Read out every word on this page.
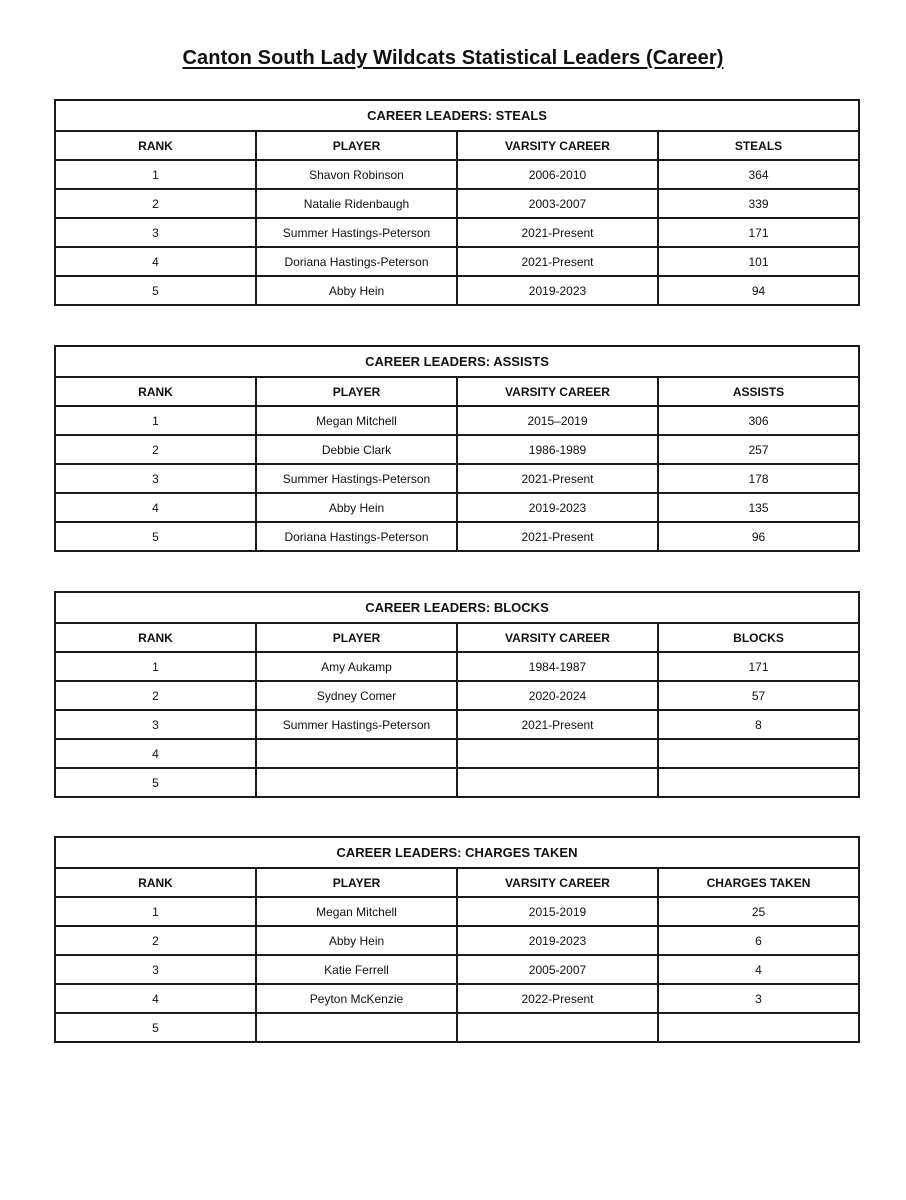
Canton South Lady Wildcats Statistical Leaders (Career)
CAREER LEADERS: STEALS			
RANK	PLAYER	VARSITY CAREER	STEALS
1	Shavon Robinson	2006-2010	364
2	Natalie Ridenbaugh	2003-2007	339
3	Summer Hastings-Peterson	2021-Present	171
4	Doriana Hastings-Peterson	2021-Present	101
5	Abby Hein	2019-2023	94
CAREER LEADERS: ASSISTS			
RANK	PLAYER	VARSITY CAREER	ASSISTS
1	Megan Mitchell	2015–2019	306
2	Debbie Clark	1986-1989	257
3	Summer Hastings-Peterson	2021-Present	178
4	Abby Hein	2019-2023	135
5	Doriana Hastings-Peterson	2021-Present	96
CAREER LEADERS: BLOCKS			
RANK	PLAYER	VARSITY CAREER	BLOCKS
1	Amy Aukamp	1984-1987	171
2	Sydney Comer	2020-2024	57
3	Summer Hastings-Peterson	2021-Present	8
4			
5			
CAREER LEADERS: CHARGES TAKEN			
RANK	PLAYER	VARSITY CAREER	CHARGES TAKEN
1	Megan Mitchell	2015-2019	25
2	Abby Hein	2019-2023	6
3	Katie Ferrell	2005-2007	4
4	Peyton McKenzie	2022-Present	3
5			
